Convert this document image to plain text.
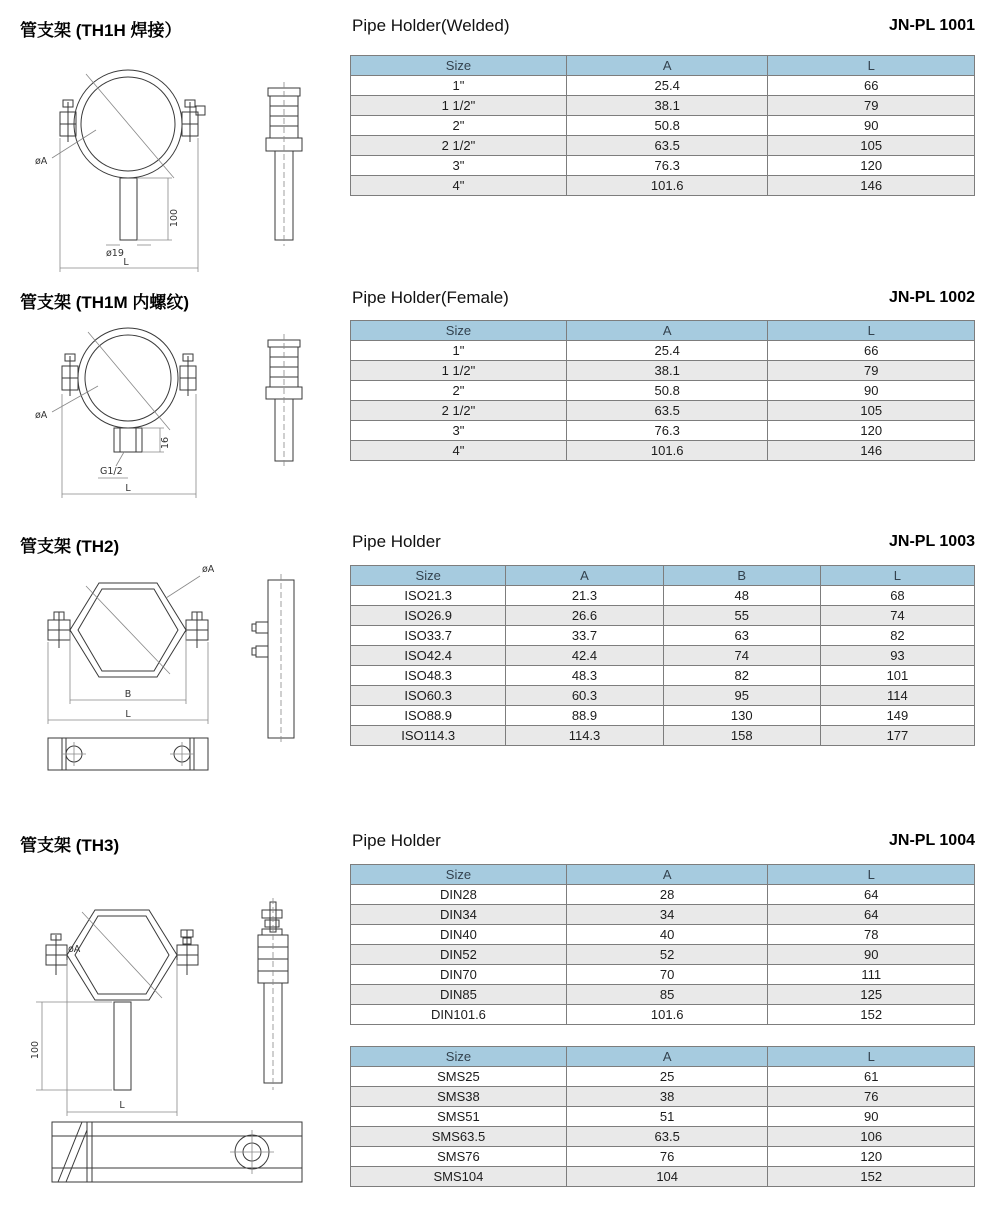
管支架 (TH1H 焊接）	Pipe Holder(Welded)	JN-PL 1001
Size	A	L
1"	25.4	66
1 1/2"	38.1	79
2"	50.8	90
2 1/2"	63.5	105
3"	76.3	120
4"	101.6	146
øA
100
ø19
L
管支架 (TH1M 内螺纹)	Pipe Holder(Female)	JN-PL 1002
Size	A	L
1"	25.4	66
1 1/2"	38.1	79
2"	50.8	90
2 1/2"	63.5	105
3"	76.3	120
4"	101.6	146
øA
16
G1/2
L
管支架 (TH2)	Pipe Holder	JN-PL 1003
Size	A	B	L
ISO21.3	21.3	48	68
ISO26.9	26.6	55	74
ISO33.7	33.7	63	82
ISO42.4	42.4	74	93
ISO48.3	48.3	82	101
ISO60.3	60.3	95	114
ISO88.9	88.9	130	149
ISO114.3	114.3	158	177
øA
B
L
管支架 (TH3)	Pipe Holder	JN-PL 1004
Size	A	L
DIN28	28	64
DIN34	34	64
DIN40	40	78
DIN52	52	90
DIN70	70	111
DIN85	85	125
DIN101.6	101.6	152
Size	A	L
SMS25	25	61
SMS38	38	76
SMS51	51	90
SMS63.5	63.5	106
SMS76	76	120
SMS104	104	152
øA
100
L
